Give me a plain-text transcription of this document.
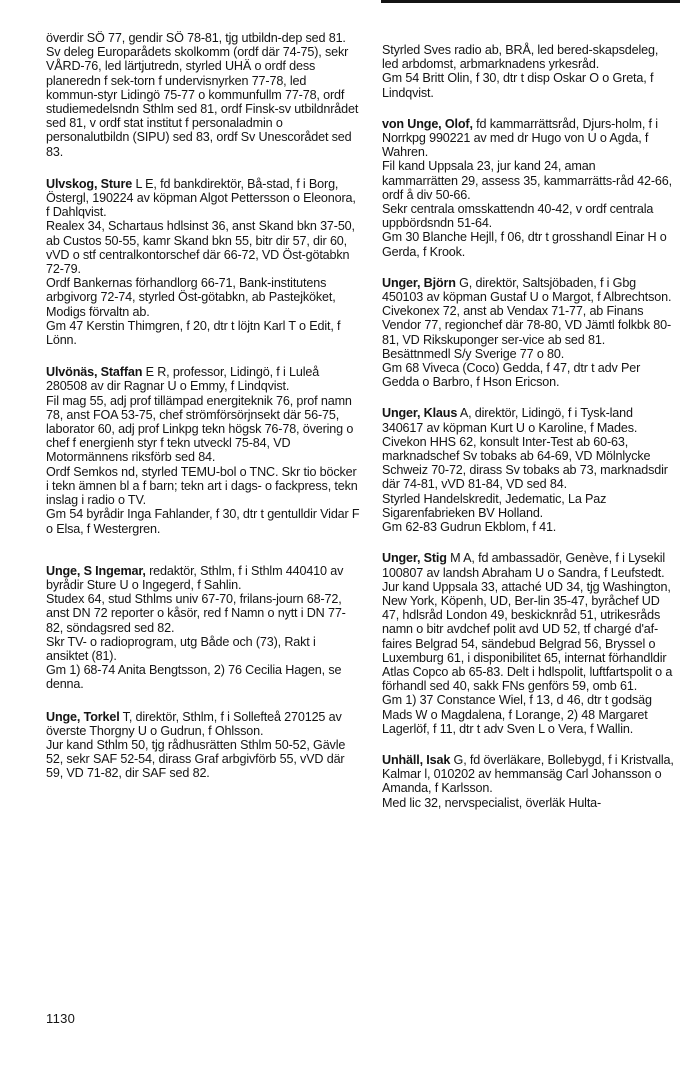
överdir SÖ 77, gendir SÖ 78-81, tjg utbildn-dep sed 81.

Sv deleg Europarådets skolkomm (ordf där 74-75), sekr VÅRD-76, led lärtjutredn, styrled UHÄ o ordf dess planeredn f sek-torn f undervisnyrken 77-78, led kommun-styr Lidingö 75-77 o kommunfullm 77-78, ordf studiemedelsndn Sthlm sed 81, ordf Finsk-sv utbildnrådet sed 81, v ordf stat institut f personaladmin o personalutbildn (SIPU) sed 83, ordf Sv Unescorådet sed 83.

Ulvskog, Sture L E, fd bankdirektör, Bå-stad, f i Borg, Östergl, 190224 av köpman Algot Pettersson o Eleonora, f Dahlqvist.

Realex 34, Schartaus hdlsinst 36, anst Skand bkn 37-50, ab Custos 50-55, kamr Skand bkn 55, bitr dir 57, dir 60, vVD o stf centralkontorschef där 66-72, VD Öst-götabkn 72-79.

Ordf Bankernas förhandlorg 66-71, Bank-institutens arbgivorg 72-74, styrled Öst-götabkn, ab Pastejköket, Modigs förvaltn ab.

Gm 47 Kerstin Thimgren, f 20, dtr t löjtn Karl T o Edit, f Lönn.

Ulvönäs, Staffan E R, professor, Lidingö, f i Luleå 280508 av dir Ragnar U o Emmy, f Lindqvist.

Fil mag 55, adj prof tillämpad energiteknik 76, prof namn 78, anst FOA 53-75, chef strömförsörjnsekt där 56-75, laborator 60, adj prof Linkpg tekn högsk 76-78, övering o chef f energienh styr f tekn utveckl 75-84, VD Motormännens riksförb sed 84.

Ordf Semkos nd, styrled TEMU-bol o TNC. Skr tio böcker i tekn ämnen bl a f barn; tekn art i dags- o fackpress, tekn inslag i radio o TV.

Gm 54 byrådir Inga Fahlander, f 30, dtr t gentulldir Vidar F o Elsa, f Westergren.

Unge, S Ingemar, redaktör, Sthlm, f i Sthlm 440410 av byrådir Sture U o Ingegerd, f Sahlin.

Studex 64, stud Sthlms univ 67-70, frilans-journ 68-72, anst DN 72 reporter o kåsör, red f Namn o nytt i DN 77-82, söndagsred sed 82.

Skr TV- o radioprogram, utg Både och (73), Rakt i ansiktet (81).

Gm 1) 68-74 Anita Bengtsson, 2) 76 Cecilia Hagen, se denna.

Unge, Torkel T, direktör, Sthlm, f i Sollefteå 270125 av överste Thorgny U o Gudrun, f Ohlsson.

Jur kand Sthlm 50, tjg rådhusrätten Sthlm 50-52, Gävle 52, sekr SAF 52-54, dirass Graf arbgivförb 55, vVD där 59, VD 71-82, dir SAF sed 82.

Styrled Sves radio ab, BRÅ, led bered-skapsdeleg, led arbdomst, arbmarknadens yrkesråd.

Gm 54 Britt Olin, f 30, dtr t disp Oskar O o Greta, f Lindqvist.

von Unge, Olof, fd kammarrättsråd, Djurs-holm, f i Norrkpg 990221 av med dr Hugo von U o Agda, f Wahren.

Fil kand Uppsala 23, jur kand 24, aman kammarrätten 29, assess 35, kammarrätts-råd 42-66, ordf å div 50-66.

Sekr centrala omsskattendn 40-42, v ordf centrala uppbördsndn 51-64.

Gm 30 Blanche Hejll, f 06, dtr t grosshandl Einar H o Gerda, f Krook.

Unger, Björn G, direktör, Saltsjöbaden, f i Gbg 450103 av köpman Gustaf U o Margot, f Albrechtson.

Civekonex 72, anst ab Vendax 71-77, ab Finans Vendor 77, regionchef där 78-80, VD Jämtl folkbk 80-81, VD Rikskuponger ser-vice ab sed 81.

Besättnmedl S/y Sverige 77 o 80.

Gm 68 Viveca (Coco) Gedda, f 47, dtr t adv Per Gedda o Barbro, f Hson Ericson.

Unger, Klaus A, direktör, Lidingö, f i Tysk-land 340617 av köpman Kurt U o Karoline, f Mades.

Civekon HHS 62, konsult Inter-Test ab 60-63, marknadschef Sv tobaks ab 64-69, VD Mölnlycke Schweiz 70-72, dirass Sv tobaks ab 73, marknadsdir där 74-81, vVD 81-84, VD sed 84.

Styrled Handelskredit, Jedematic, La Paz Sigarenfabrieken BV Holland.

Gm 62-83 Gudrun Ekblom, f 41.

Unger, Stig M A, fd ambassadör, Genève, f i Lysekil 100807 av landsh Abraham U o Sandra, f Leufstedt.

Jur kand Uppsala 33, attaché UD 34, tjg Washington, New York, Köpenh, UD, Ber-lin 35-47, byråchef UD 47, hdlsråd London 49, beskicknråd 51, utrikesråds namn o bitr avdchef polit avd UD 52, tf chargé d'af-faires Belgrad 54, sändebud Belgrad 56, Bryssel o Luxemburg 61, i disponibilitet 65, internat förhandldir Atlas Copco ab 65-83. Delt i hdlspolit, luftfartspolit o a förhandl sed 40, sakk FNs genförs 59, omb 61.

Gm 1) 37 Constance Wiel, f 13, d 46, dtr t godsäg Mads W o Magdalena, f Lorange, 2) 48 Margaret Lagerlöf, f 11, dtr t adv Sven L o Vera, f Wallin.

Unhäll, Isak G, fd överläkare, Bollebygd, f i Kristvalla, Kalmar l, 010202 av hemmansäg Carl Johansson o Amanda, f Karlsson.

Med lic 32, nervspecialist, överläk Hulta-

1130
